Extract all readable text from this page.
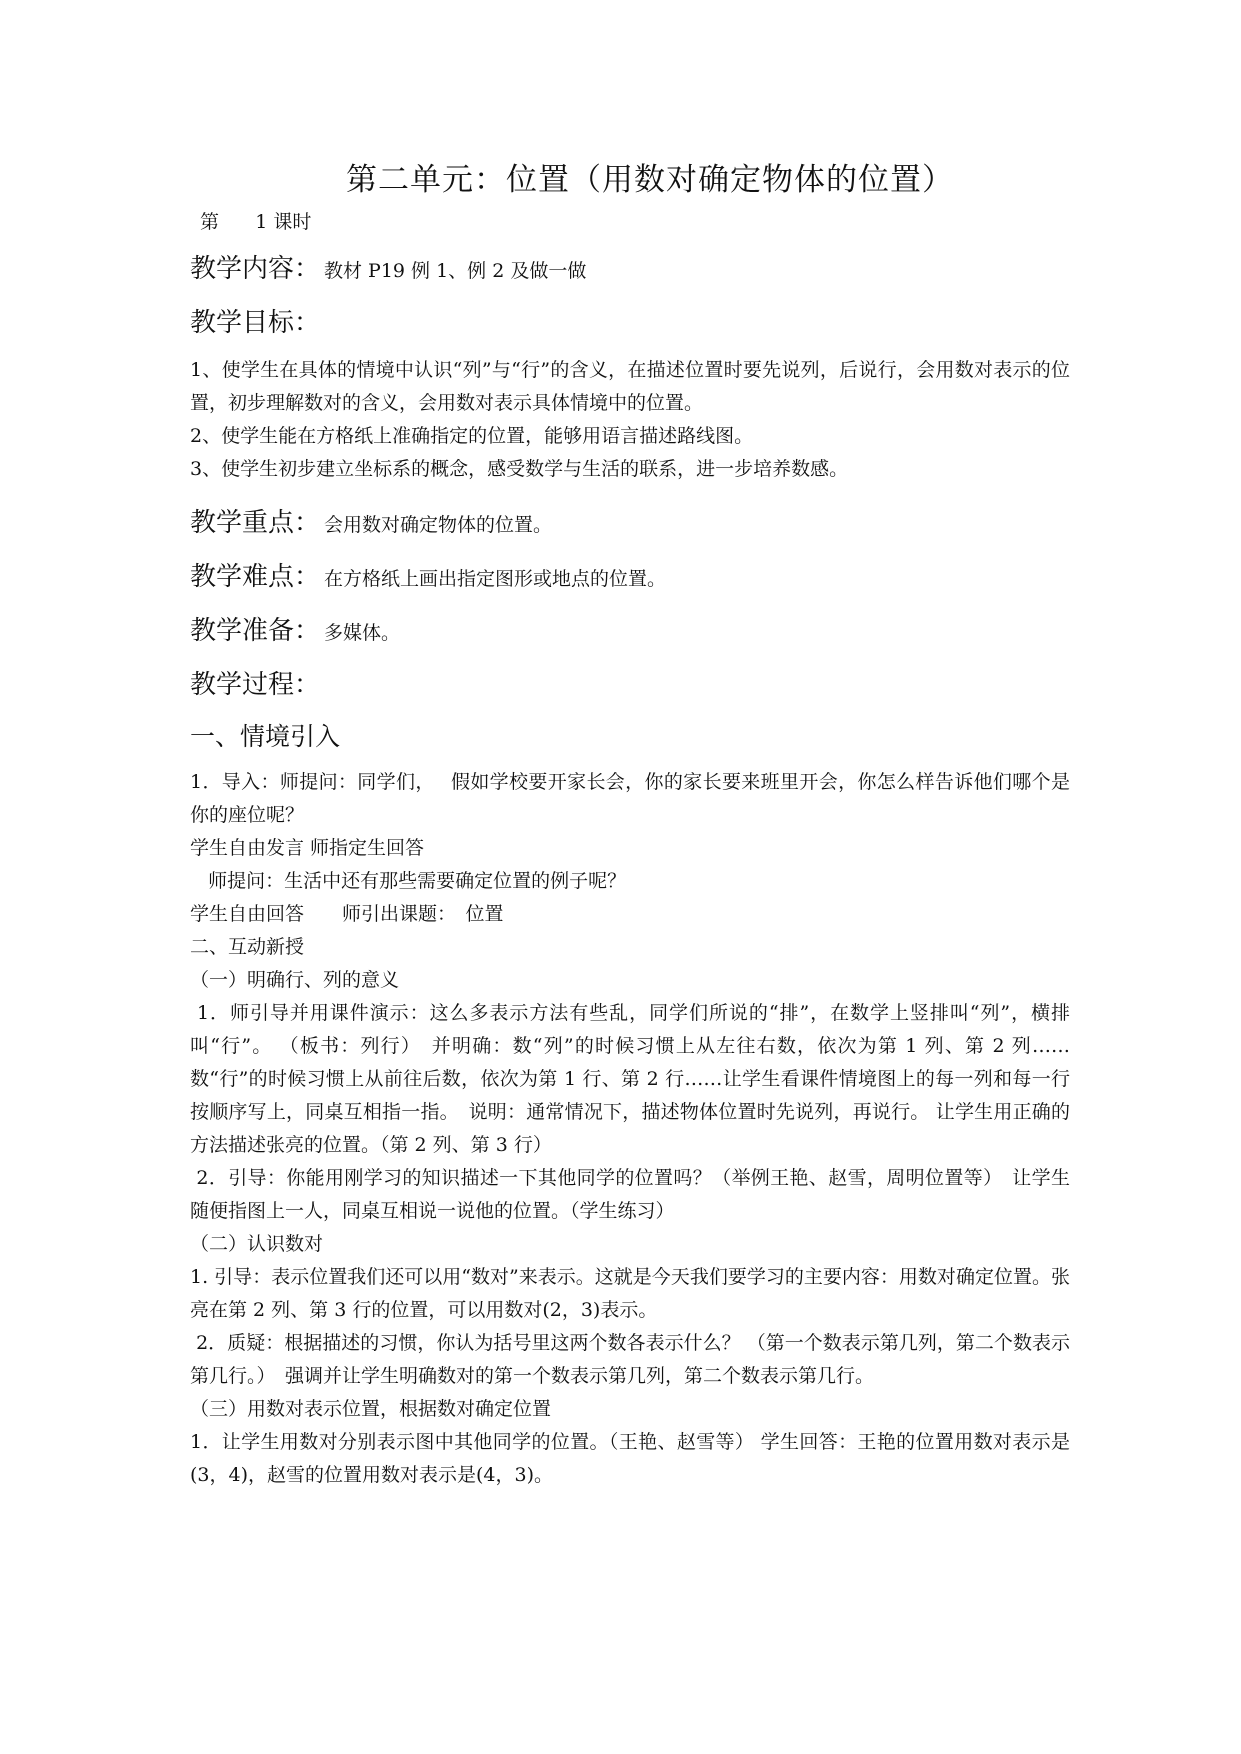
第二单元：位置（用数对确定物体的位置）
第      1 课时
教学内容： 教材 P19 例 1、例 2 及做一做
教学目标：

1、使学生在具体的情境中认识“列”与“行”的含义，在描述位置时要先说列，后说行，会用数对表示的位置，初步理解数对的含义，会用数对表示具体情境中的位置。

2、使学生能在方格纸上准确指定的位置，能够用语言描述路线图。

3、使学生初步建立坐标系的概念，感受数学与生活的联系，进一步培养数感。

教学重点： 会用数对确定物体的位置。
教学难点： 在方格纸上画出指定图形或地点的位置。
教学准备： 多媒体。
教学过程：
一、情境引入

1．导入：师提问：同学们，　 假如学校要开家长会，你的家长要来班里开会，你怎么样告诉他们哪个是你的座位呢？

学生自由发言 师指定生回答

师提问：生活中还有那些需要确定位置的例子呢？

学生自由回答　　师引出课题：　位置

二、互动新授

（一）明确行、列的意义

1．师引导并用课件演示：这么多表示方法有些乱，同学们所说的“排”，在数学上竖排叫“列”，横排叫“行”。 （板书：列行）　并明确：数“列”的时候习惯上从左往右数，依次为第 1 列、第 2 列……数“行”的时候习惯上从前往后数，依次为第 1 行、第 2 行……让学生看课件情境图上的每一列和每一行按顺序写上，同桌互相指一指。　说明：通常情况下，描述物体位置时先说列，再说行。 让学生用正确的方法描述张亮的位置。（第 2 列、第 3 行）

2．引导：你能用刚学习的知识描述一下其他同学的位置吗？（举例王艳、赵雪，周明位置等）　让学生随便指图上一人，同桌互相说一说他的位置。（学生练习）

（二）认识数对

1. 引导：表示位置我们还可以用“数对”来表示。这就是今天我们要学习的主要内容：用数对确定位置。张亮在第 2 列、第 3 行的位置，可以用数对(2，3)表示。

2．质疑：根据描述的习惯，你认为括号里这两个数各表示什么？ （第一个数表示第几列，第二个数表示第几行。）　强调并让学生明确数对的第一个数表示第几列，第二个数表示第几行。

（三）用数对表示位置，根据数对确定位置

1．让学生用数对分别表示图中其他同学的位置。（王艳、赵雪等） 学生回答：王艳的位置用数对表示是(3，4)，赵雪的位置用数对表示是(4，3)。
